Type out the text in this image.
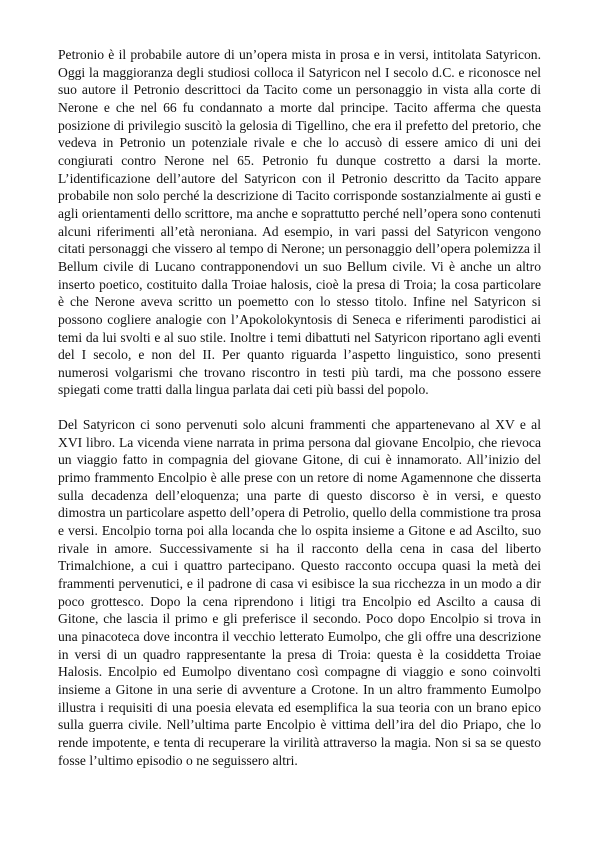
Petronio è il probabile autore di un’opera mista in prosa e in versi, intitolata Satyricon. Oggi la maggioranza degli studiosi colloca il Satyricon nel I secolo d.C. e riconosce nel suo autore il Petronio descrittoci da Tacito come un personaggio in vista alla corte di Nerone e che nel 66 fu condannato a morte dal principe. Tacito afferma che questa posizione di privilegio suscitò la gelosia di Tigellino, che era il prefetto del pretorio, che vedeva in Petronio un potenziale rivale e che lo accusò di essere amico di uni dei congiurati contro Nerone nel 65. Petronio fu dunque costretto a darsi la morte. L’identificazione dell’autore del Satyricon con il Petronio descritto da Tacito appare probabile non solo perché la descrizione di Tacito corrisponde sostanzialmente ai gusti e agli orientamenti dello scrittore, ma anche e soprattutto perché nell’opera sono contenuti alcuni riferimenti all’età neroniana. Ad esempio, in vari passi del Satyricon vengono citati personaggi che vissero al tempo di Nerone; un personaggio dell’opera polemizza il Bellum civile di Lucano contrapponendovi un suo Bellum civile. Vi è anche un altro inserto poetico, costituito dalla Troiae halosis, cioè la presa di Troia; la cosa particolare è che Nerone aveva scritto un poemetto con lo stesso titolo. Infine nel Satyricon si possono cogliere analogie con l’Apokolokyntosis di Seneca e riferimenti parodistici ai temi da lui svolti e al suo stile. Inoltre i temi dibattuti nel Satyricon riportano agli eventi del I secolo, e non del II. Per quanto riguarda l’aspetto linguistico, sono presenti numerosi volgarismi che trovano riscontro in testi più tardi, ma che possono essere spiegati come tratti dalla lingua parlata dai ceti più bassi del popolo.

Del Satyricon ci sono pervenuti solo alcuni frammenti che appartenevano al XV e al XVI libro. La vicenda viene narrata in prima persona dal giovane Encolpio, che rievoca un viaggio fatto in compagnia del giovane Gitone, di cui è innamorato. All’inizio del primo frammento Encolpio è alle prese con un retore di nome Agamennone che disserta sulla decadenza dell’eloquenza; una parte di questo discorso è in versi, e questo dimostra un particolare aspetto dell’opera di Petrolio, quello della commistione tra prosa e versi. Encolpio torna poi alla locanda che lo ospita insieme a Gitone e ad Ascilto, suo rivale in amore. Successivamente si ha il racconto della cena in casa del liberto Trimalchione, a cui i quattro partecipano. Questo racconto occupa quasi la metà dei frammenti pervenutici, e il padrone di casa vi esibisce la sua ricchezza in un modo a dir poco grottesco. Dopo la cena riprendono i litigi tra Encolpio ed Ascilto a causa di Gitone, che lascia il primo e gli preferisce il secondo. Poco dopo Encolpio si trova in una pinacoteca dove incontra il vecchio letterato Eumolpo, che gli offre una descrizione in versi di un quadro rappresentante la presa di Troia: questa è la cosiddetta Troiae Halosis. Encolpio ed Eumolpo diventano così compagne di viaggio e sono coinvolti insieme a Gitone in una serie di avventure a Crotone. In un altro frammento Eumolpo illustra i requisiti di una poesia elevata ed esemplifica la sua teoria con un brano epico sulla guerra civile. Nell’ultima parte Encolpio è vittima dell’ira del dio Priapo, che lo rende impotente, e tenta di recuperare la virilità attraverso la magia. Non si sa se questo fosse l’ultimo episodio o ne seguissero altri.
